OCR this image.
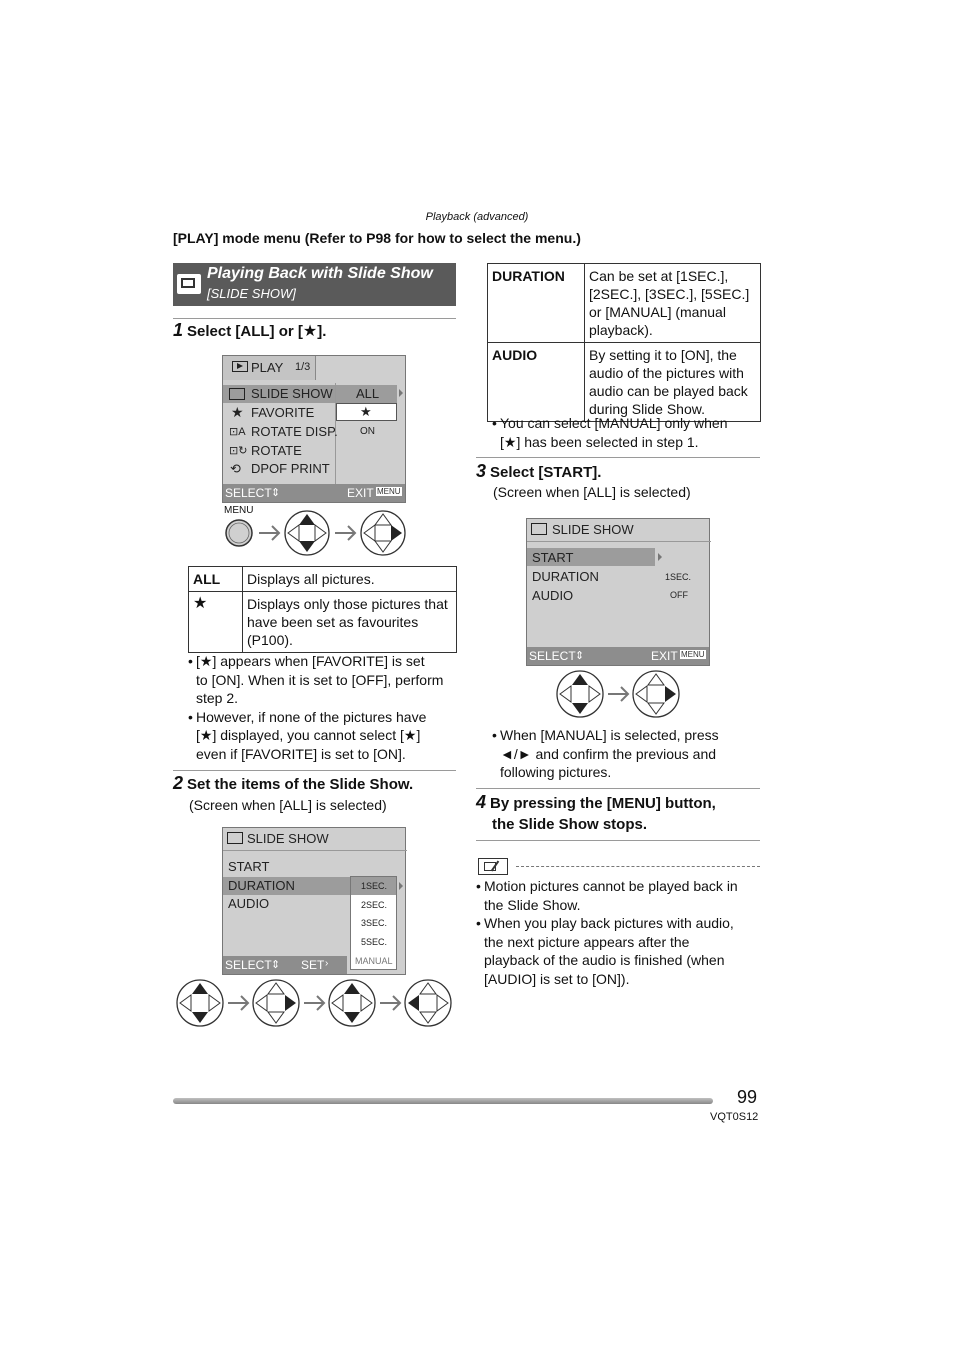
Playback (advanced)
[PLAY] mode menu (Refer to P98 for how to select the menu.)
Playing Back with Slide Show
[SLIDE SHOW]
1 Select [ALL] or [★].
PLAY 1/3
SLIDE SHOW
★ FAVORITE
⊡A ROTATE DISP.
⊡↻ ROTATE
⟲ DPOF PRINT
ALL
★
ON
SELECT ⇕	EXIT MENU
MENU
ALL	Displays all pictures.
★	Displays only those pictures that have been set as favourites (P100).
• [★] appears when [FAVORITE] is set
to [ON]. When it is set to [OFF], perform
step 2.
• However, if none of the pictures have
[★] displayed, you cannot select [★]
even if [FAVORITE] is set to [ON].
2 Set the items of the Slide Show.
(Screen when [ALL] is selected)
SLIDE SHOW
START
DURATION
AUDIO
1SEC.
2SEC.
3SEC.
5SEC.
MANUAL
SELECT ⇕ SET ›
DURATION	Can be set at [1SEC.],
[2SEC.], [3SEC.], [5SEC.]
or [MANUAL] (manual
playback).

AUDIO	By setting it to [ON], the
audio of the pictures with
audio can be played back
during Slide Show.
• You can select [MANUAL] only when
[★] has been selected in step 1.
3 Select [START].
(Screen when [ALL] is selected)
SLIDE SHOW
START
DURATION
AUDIO
1SEC.
OFF
SELECT ⇕	EXIT MENU
• When [MANUAL] is selected, press
◄/► and confirm the previous and
following pictures.
4 By pressing the [MENU] button,
the Slide Show stops.
• Motion pictures cannot be played back in
the Slide Show.
• When you play back pictures with audio,
the next picture appears after the
playback of the audio is finished (when
[AUDIO] is set to [ON]).
99
VQT0S12
